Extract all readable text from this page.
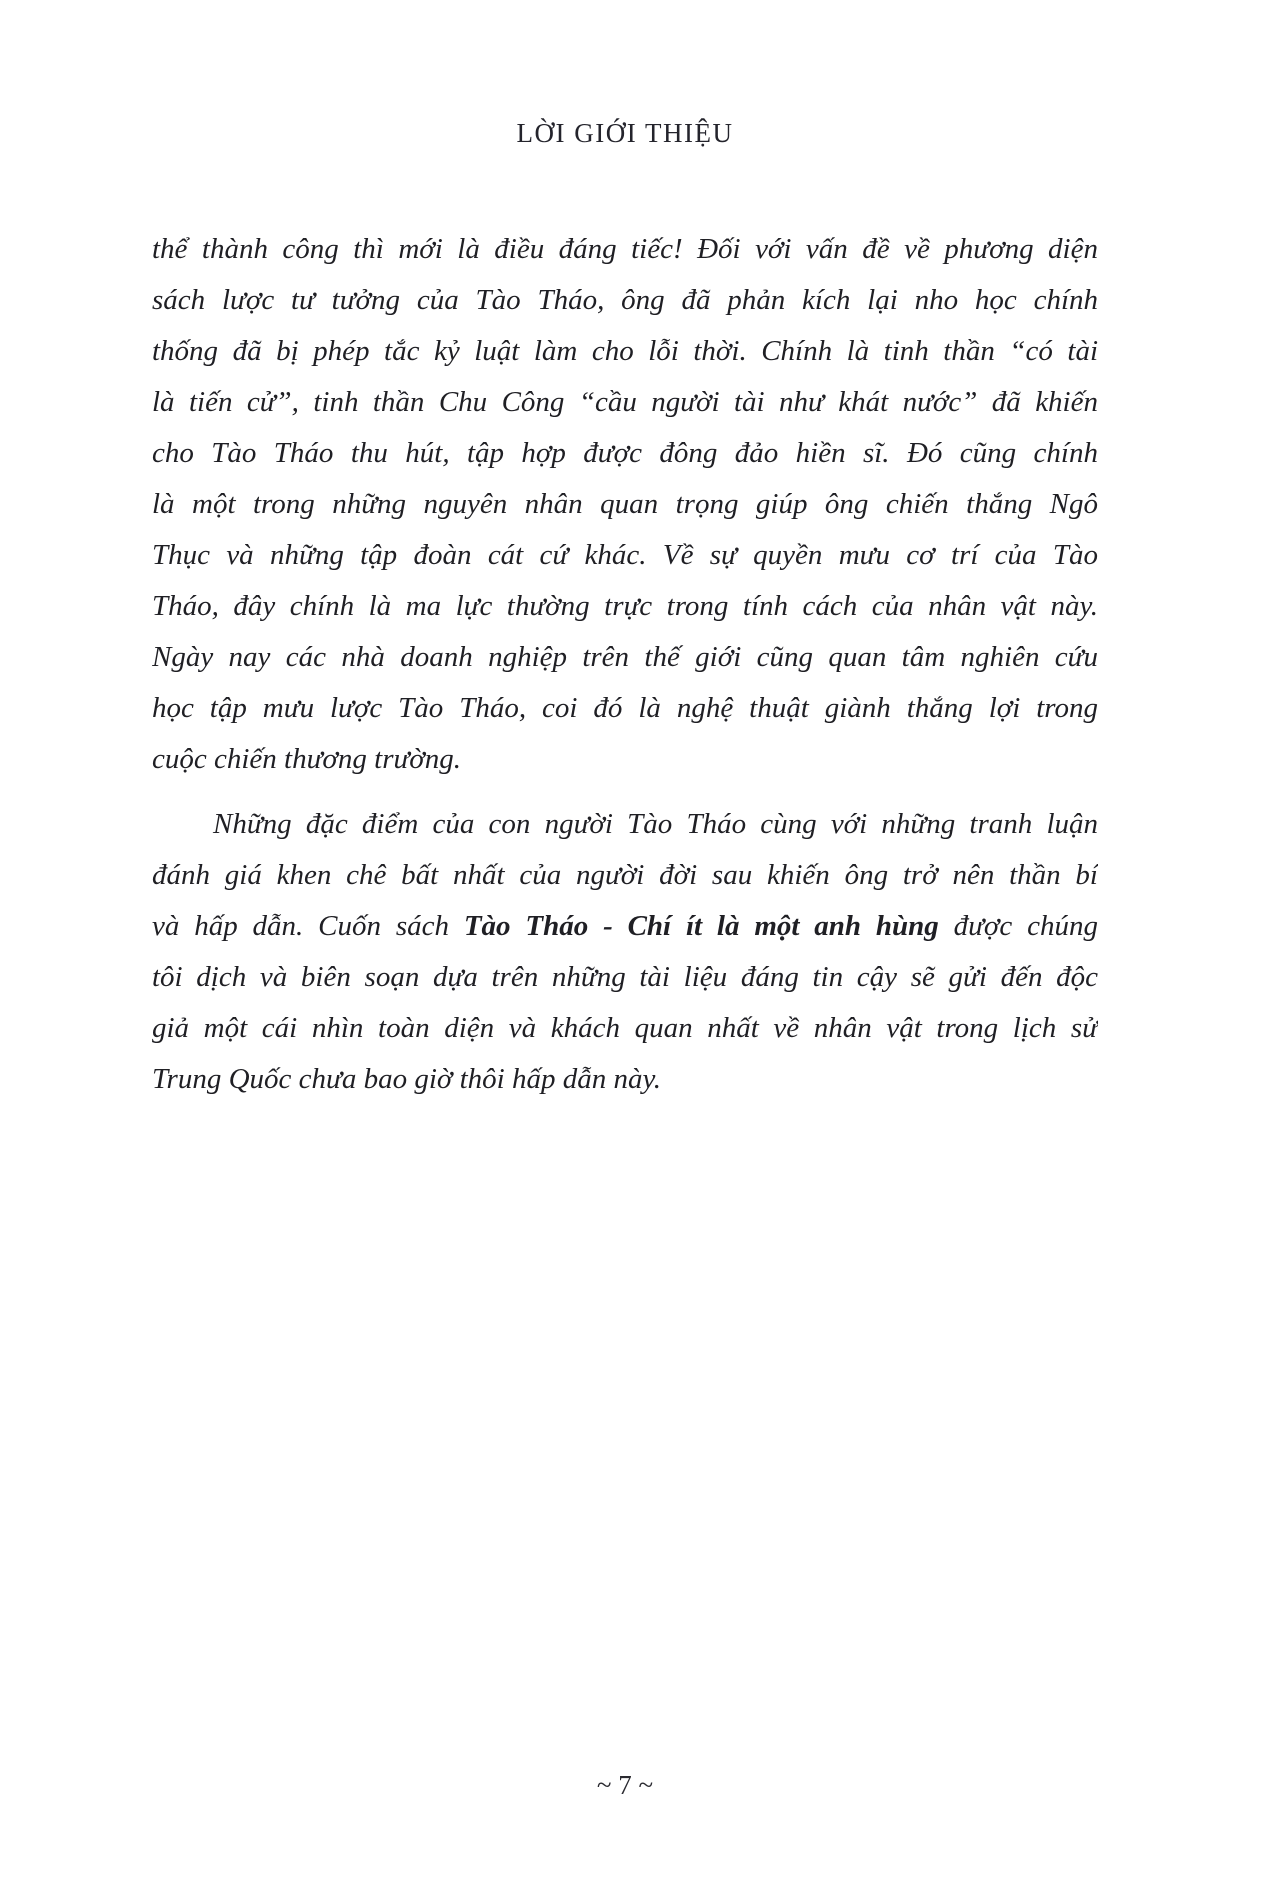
LỜI GIỚI THIỆU
thể thành công thì mới là điều đáng tiếc! Đối với vấn đề về phương diện
sách lược tư tưởng của Tào Tháo, ông đã phản kích lại nho học chính
thống đã bị phép tắc kỷ luật làm cho lỗi thời. Chính là tinh thần “có tài
là tiến cử”, tinh thần Chu Công “cầu người tài như khát nước” đã khiến
cho Tào Tháo thu hút, tập hợp được đông đảo hiền sĩ. Đó cũng chính
là một trong những nguyên nhân quan trọng giúp ông chiến thắng Ngô
Thục và những tập đoàn cát cứ khác. Về sự quyền mưu cơ trí của Tào
Tháo, đây chính là ma lực thường trực trong tính cách của nhân vật này.
Ngày nay các nhà doanh nghiệp trên thế giới cũng quan tâm nghiên cứu
học tập mưu lược Tào Tháo, coi đó là nghệ thuật giành thắng lợi trong
cuộc chiến thương trường.
Những đặc điểm của con người Tào Tháo cùng với những tranh luận
đánh giá khen chê bất nhất của người đời sau khiến ông trở nên thần bí
và hấp dẫn. Cuốn sách Tào Tháo - Chí ít là một anh hùng được chúng
tôi dịch và biên soạn dựa trên những tài liệu đáng tin cậy sẽ gửi đến độc
giả một cái nhìn toàn diện và khách quan nhất về nhân vật trong lịch sử
Trung Quốc chưa bao giờ thôi hấp dẫn này.
~ 7 ~
